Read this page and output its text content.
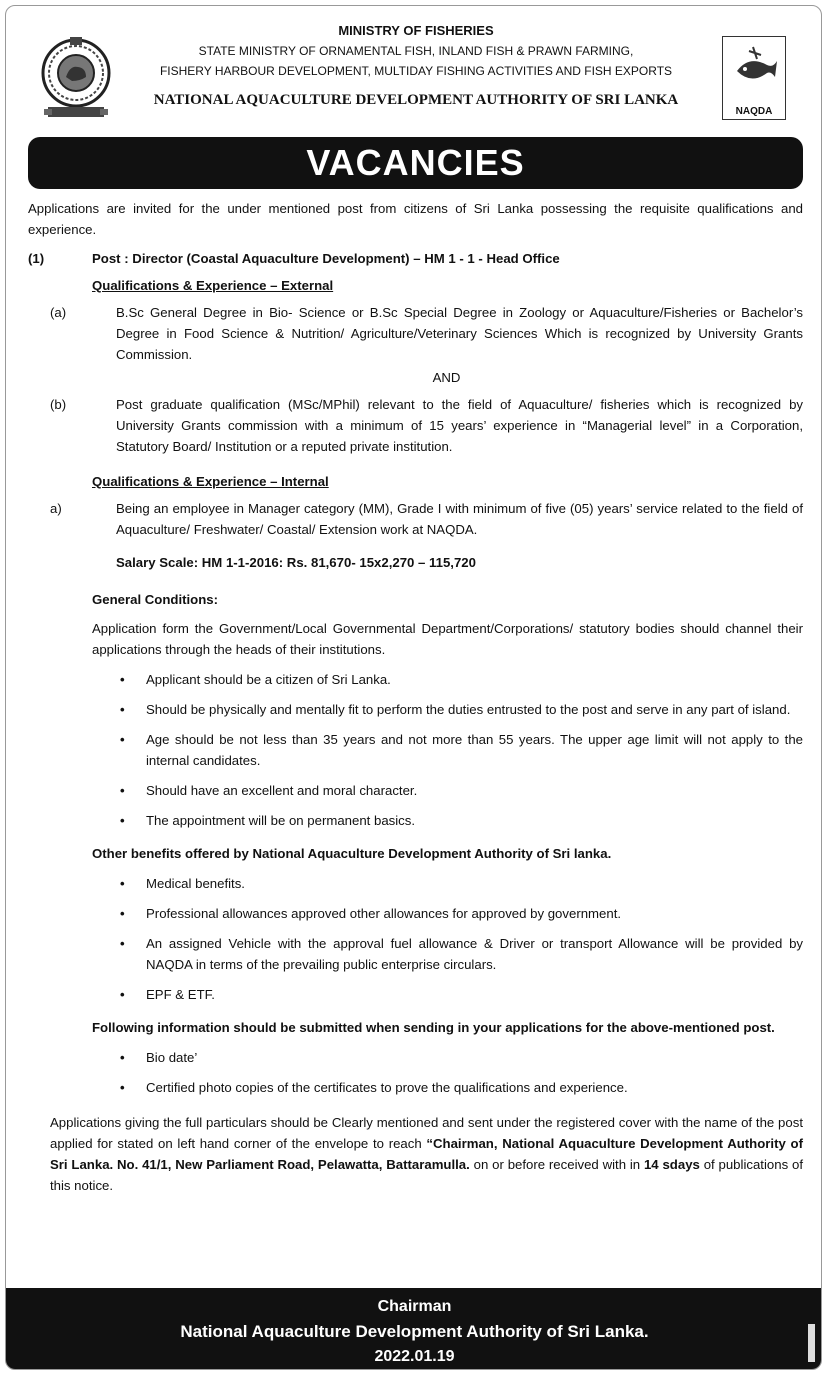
MINISTRY OF FISHERIES
STATE MINISTRY OF ORNAMENTAL FISH, INLAND FISH & PRAWN FARMING,
FISHERY HARBOUR DEVELOPMENT, MULTIDAY FISHING ACTIVITIES AND FISH EXPORTS
NATIONAL AQUACULTURE DEVELOPMENT AUTHORITY OF SRI LANKA
NAQDA
VACANCIES

Applications are invited for the under mentioned post from citizens of Sri Lanka possessing the requisite qualifications and experience.

(1)	Post : Director (Coastal Aquaculture Development) – HM 1 - 1 - Head Office
Qualifications & Experience – External
(a)	B.Sc General Degree in Bio- Science or B.Sc Special Degree in Zoology or Aquaculture/Fisheries or Bachelor’s Degree in Food Science & Nutrition/ Agriculture/Veterinary Sciences Which is recognized by University Grants Commission.
AND
(b)	Post graduate qualification (MSc/MPhil) relevant to the field of Aquaculture/ fisheries which is recognized by University Grants commission with a minimum of 15 years’ experience in “Managerial level” in a Corporation, Statutory Board/ Institution or a reputed private institution.
Qualifications & Experience – Internal
a)	Being an employee in Manager category (MM), Grade I with minimum of five (05) years’ service related to the field of Aquaculture/ Freshwater/ Coastal/ Extension work at NAQDA.
Salary Scale: HM 1-1-2016: Rs. 81,670- 15x2,270 – 115,720
General Conditions:

Application form the Government/Local Governmental Department/Corporations/ statutory bodies should channel their applications through the heads of their institutions.

• Applicant should be a citizen of Sri Lanka.
• Should be physically and mentally fit to perform the duties entrusted to the post and serve in any part of island.
• Age should be not less than 35 years and not more than 55 years. The upper age limit will not apply to the internal candidates.
• Should have an excellent and moral character.
• The appointment will be on permanent basics.
Other benefits offered by National Aquaculture Development Authority of Sri lanka.
• Medical benefits.
• Professional allowances approved other allowances for approved by government.
• An assigned Vehicle with the approval fuel allowance & Driver or transport Allowance will be provided by NAQDA in terms of the prevailing public enterprise circulars.
• EPF & ETF.
Following information should be submitted when sending in your applications for the above-mentioned post.
• Bio date’
• Certified photo copies of the certificates to prove the qualifications and experience.

Applications giving the full particulars should be Clearly mentioned and sent under the registered cover with the name of the post applied for stated on left hand corner of the envelope to reach “Chairman, National Aquaculture Development Authority of Sri Lanka. No. 41/1, New Parliament Road, Pelawatta, Battaramulla. on or before received with in 14 sdays of publications of this notice.

Chairman
National Aquaculture Development Authority of Sri Lanka.
2022.01.19
